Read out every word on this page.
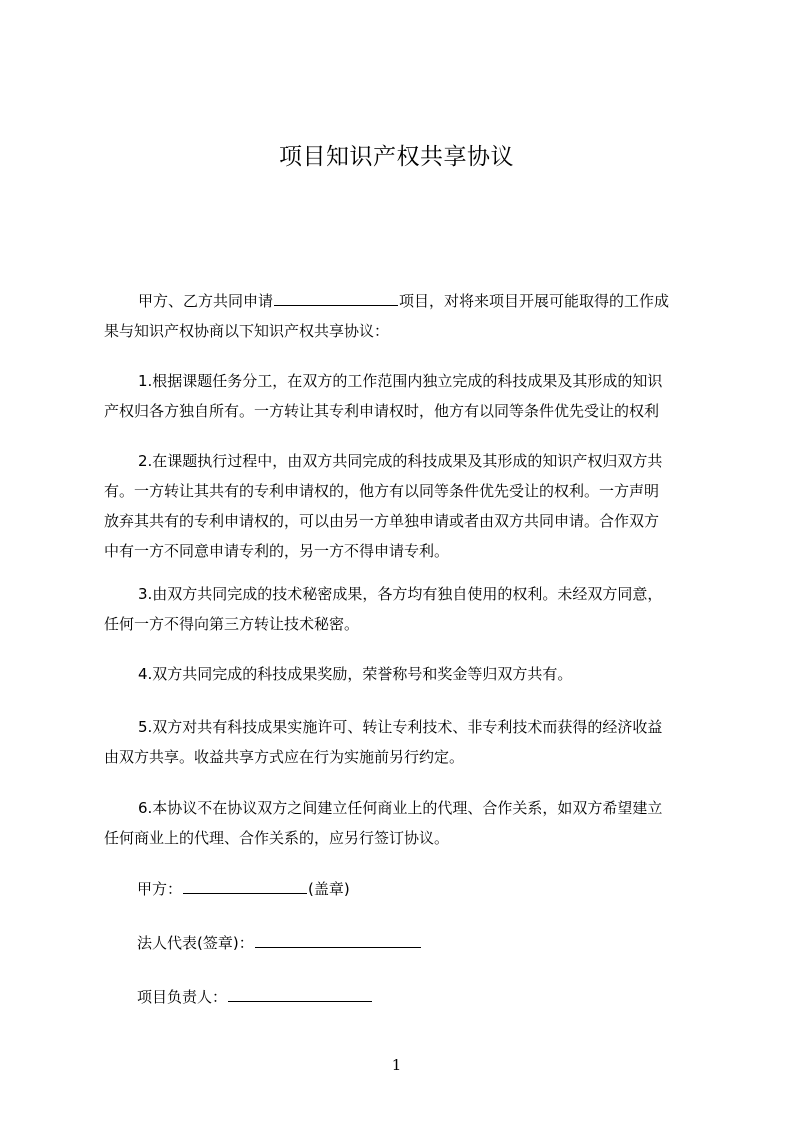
项目知识产权共享协议
甲方、乙方共同申请	项目，对将来项目开展可能取得的工作成
果与知识产权协商以下知识产权共享协议：
1.根据课题任务分工，在双方的工作范围内独立完成的科技成果及其形成的知识
产权归各方独自所有。一方转让其专利申请权时，他方有以同等条件优先受让的权利
2.在课题执行过程中，由双方共同完成的科技成果及其形成的知识产权归双方共
有。一方转让其共有的专利申请权的，他方有以同等条件优先受让的权利。一方声明
放弃其共有的专利申请权的，可以由另一方单独申请或者由双方共同申请。合作双方
中有一方不同意申请专利的，另一方不得申请专利。
3.由双方共同完成的技术秘密成果，各方均有独自使用的权利。未经双方同意，
任何一方不得向第三方转让技术秘密。
4.双方共同完成的科技成果奖励，荣誉称号和奖金等归双方共有。
5.双方对共有科技成果实施许可、转让专利技术、非专利技术而获得的经济收益
由双方共享。收益共享方式应在行为实施前另行约定。
6.本协议不在协议双方之间建立任何商业上的代理、合作关系，如双方希望建立
任何商业上的代理、合作关系的，应另行签订协议。
甲方：	(盖章)
法人代表(签章)：
项目负责人：
1
